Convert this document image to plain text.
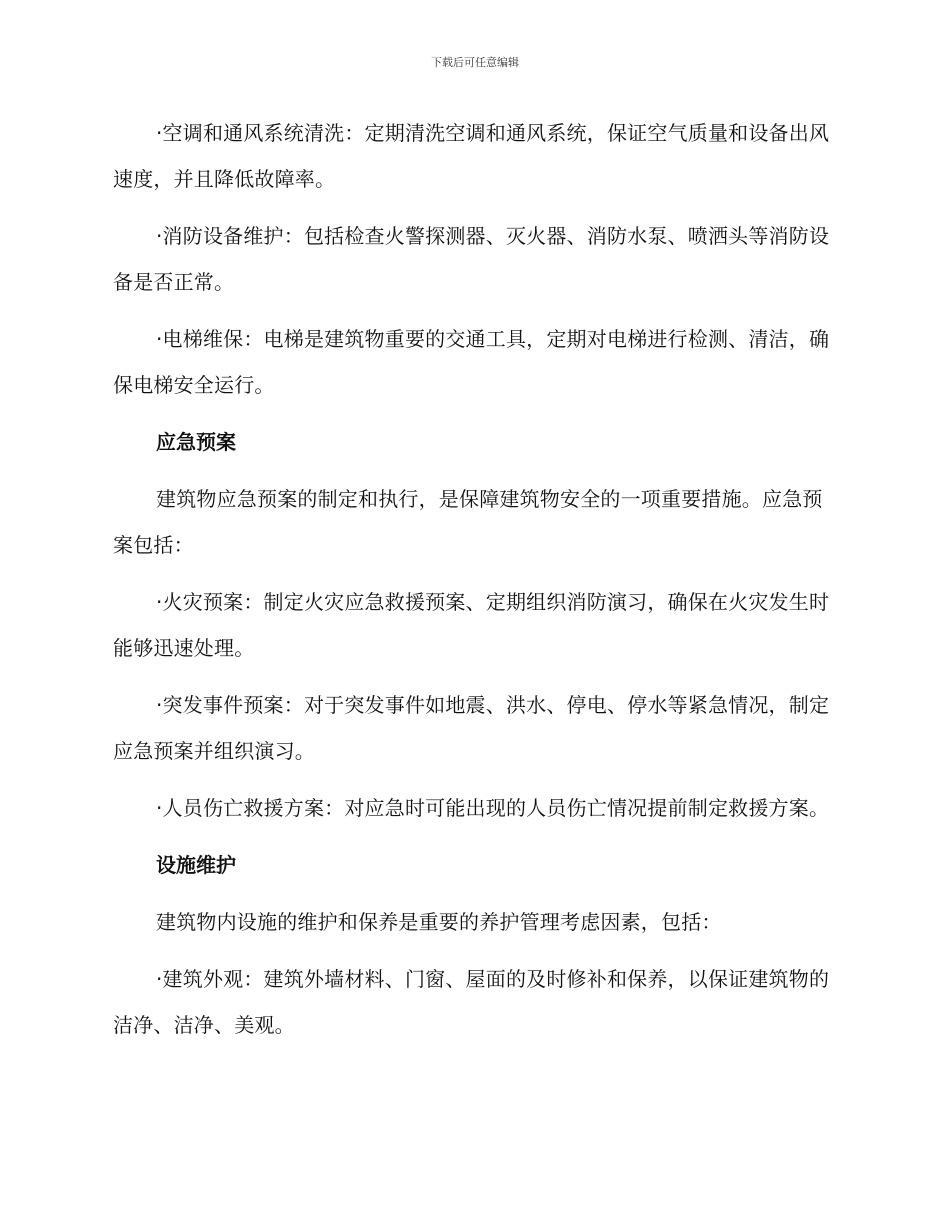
下载后可任意编辑

·空调和通风系统清洗：定期清洗空调和通风系统，保证空气质量和设备出风速度，并且降低故障率。

·消防设备维护：包括检查火警探测器、灭火器、消防水泵、喷洒头等消防设备是否正常。

·电梯维保：电梯是建筑物重要的交通工具，定期对电梯进行检测、清洁，确保电梯安全运行。

应急预案

建筑物应急预案的制定和执行，是保障建筑物安全的一项重要措施。应急预案包括：

·火灾预案：制定火灾应急救援预案、定期组织消防演习，确保在火灾发生时能够迅速处理。

·突发事件预案：对于突发事件如地震、洪水、停电、停水等紧急情况，制定应急预案并组织演习。

·人员伤亡救援方案：对应急时可能出现的人员伤亡情况提前制定救援方案。

设施维护

建筑物内设施的维护和保养是重要的养护管理考虑因素，包括：

·建筑外观：建筑外墙材料、门窗、屋面的及时修补和保养，以保证建筑物的洁净、洁净、美观。
